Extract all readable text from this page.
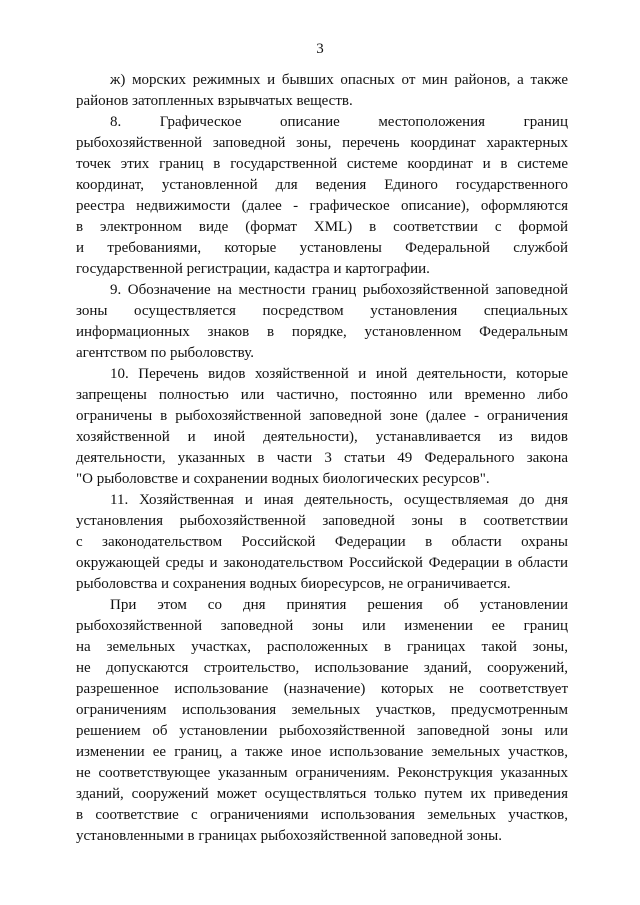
3
ж) морских режимных и бывших опасных от мин районов, а также
районов затопленных взрывчатых веществ.
8. Графическое описание местоположения границ
рыбохозяйственной заповедной зоны, перечень координат характерных
точек этих границ в государственной системе координат и в системе
координат, установленной для ведения Единого государственного
реестра недвижимости (далее - графическое описание), оформляются
в электронном виде (формат XML) в соответствии с формой
и требованиями, которые установлены Федеральной службой
государственной регистрации, кадастра и картографии.
9. Обозначение на местности границ рыбохозяйственной заповедной
зоны осуществляется посредством установления специальных
информационных знаков в порядке, установленном Федеральным
агентством по рыболовству.
10. Перечень видов хозяйственной и иной деятельности, которые
запрещены полностью или частично, постоянно или временно либо
ограничены в рыбохозяйственной заповедной зоне (далее - ограничения
хозяйственной и иной деятельности), устанавливается из видов
деятельности, указанных в части 3 статьи 49 Федерального закона
"О рыболовстве и сохранении водных биологических ресурсов".
11. Хозяйственная и иная деятельность, осуществляемая до дня
установления рыбохозяйственной заповедной зоны в соответствии
с законодательством Российской Федерации в области охраны
окружающей среды и законодательством Российской Федерации в области
рыболовства и сохранения водных биоресурсов, не ограничивается.
При этом со дня принятия решения об установлении
рыбохозяйственной заповедной зоны или изменении ее границ
на земельных участках, расположенных в границах такой зоны,
не допускаются строительство, использование зданий, сооружений,
разрешенное использование (назначение) которых не соответствует
ограничениям использования земельных участков, предусмотренным
решением об установлении рыбохозяйственной заповедной зоны или
изменении ее границ, а также иное использование земельных участков,
не соответствующее указанным ограничениям. Реконструкция указанных
зданий, сооружений может осуществляться только путем их приведения
в соответствие с ограничениями использования земельных участков,
установленными в границах рыбохозяйственной заповедной зоны.
